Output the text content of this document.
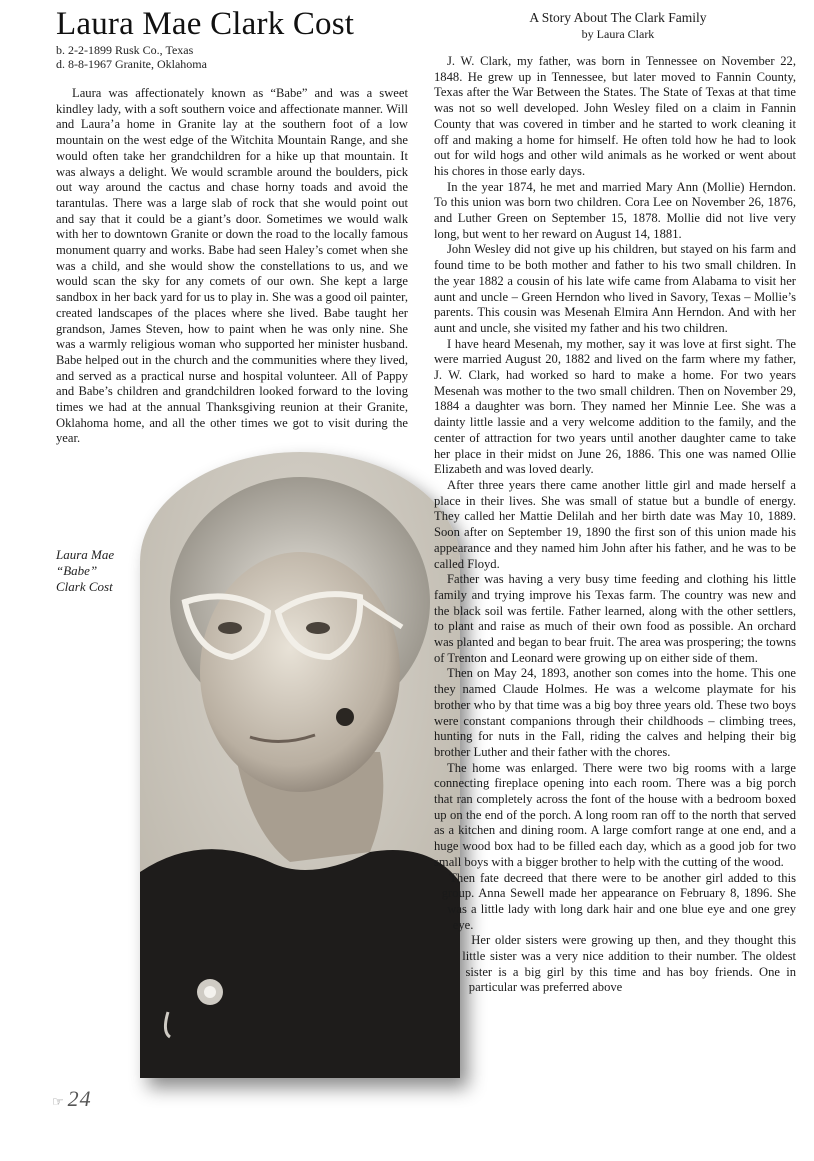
Laura Mae Clark Cost
b. 2-2-1899 Rusk Co., Texas
d. 8-8-1967 Granite, Oklahoma

Laura was affectionately known as “Babe” and was a sweet kindley lady, with a soft southern voice and affectionate manner. Will and Laura’a home in Granite lay at the southern foot of a low mountain on the west edge of the Witchita Mountain Range, and she would often take her grandchildren for a hike up that mountain. It was always a delight. We would scramble around the boulders, pick out way around the cactus and chase horny toads and avoid the tarantulas. There was a large slab of rock that she would point out and say that it could be a giant’s door. Sometimes we would walk with her to downtown Granite or down the road to the locally famous monument quarry and works. Babe had seen Haley’s comet when she was a child, and she would show the constellations to us, and we would scan the sky for any comets of our own. She kept a large sandbox in her back yard for us to play in. She was a good oil painter, created landscapes of the places where she lived. Babe taught her grandson, James Steven, how to paint when he was only nine. She was a warmly religious woman who supported her minister husband. Babe helped out in the church and the communities where they lived, and served as a practical nurse and hospital volunteer. All of Pappy and Babe’s children and grandchildren looked forward to the loving times we had at the annual Thanksgiving reunion at their Granite, Oklahoma home, and all the other times we got to visit during the year.

Laura Mae
“Babe”
Clark Cost
A Story About The Clark Family
by Laura Clark

J. W. Clark, my father, was born in Tennessee on November 22, 1848. He grew up in Tennessee, but later moved to Fannin County, Texas after the War Between the States. The State of Texas at that time was not so well developed. John Wesley filed on a claim in Fannin County that was covered in timber and he started to work cleaning it off and making a home for himself. He often told how he had to look out for wild hogs and other wild animals as he worked or went about his chores in those early days.

In the year 1874, he met and married Mary Ann (Mollie) Herndon. To this union was born two children. Cora Lee on November 26, 1876, and Luther Green on September 15, 1878. Mollie did not live very long, but went to her reward on August 14, 1881.

John Wesley did not give up his children, but stayed on his farm and found time to be both mother and father to his two small children. In the year 1882 a cousin of his late wife came from Alabama to visit her aunt and uncle – Green Herndon who lived in Savory, Texas – Mollie’s parents. This cousin was Mesenah Elmira Ann Herndon. And with her aunt and uncle, she visited my father and his two children.

I have heard Mesenah, my mother, say it was love at first sight. The were married August 20, 1882 and lived on the farm where my father, J. W. Clark, had worked so hard to make a home. For two years Mesenah was mother to the two small children. Then on November 29, 1884 a daughter was born. They named her Minnie Lee. She was a dainty little lassie and a very welcome addition to the family, and the center of attraction for two years until another daughter came to take her place in their midst on June 26, 1886. This one was named Ollie Elizabeth and was loved dearly.

After three years there came another little girl and made herself a place in their lives. She was small of statue but a bundle of energy. They called her Mattie Delilah and her birth date was May 10, 1889. Soon after on September 19, 1890 the first son of this union made his appearance and they named him John after his father, and he was to be called Floyd.

Father was having a very busy time feeding and clothing his little family and trying improve his Texas farm. The country was new and the black soil was fertile. Father learned, along with the other settlers, to plant and raise as much of their own food as possible. An orchard was planted and began to bear fruit. The area was prospering; the towns of Trenton and Leonard were growing up on either side of them.

Then on May 24, 1893, another son comes into the home. This one they named Claude Holmes. He was a welcome playmate for his brother who by that time was a big boy three years old. These two boys were constant companions through their childhoods – climbing trees, hunting for nuts in the Fall, riding the calves and helping their big brother Luther and their father with the chores.

The home was enlarged. There were two big rooms with a large connecting fireplace opening into each room. There was a big porch that ran completely across the font of the house with a bedroom boxed up on the end of the porch. A long room ran off to the north that served as a kitchen and dining room. A large comfort range at one end, and a huge wood box had to be filled each day, which as a good job for two small boys with a bigger brother to help with the cutting of the wood.

Then fate decreed that there were to be another girl added to this group. Anna Sewell made her appearance on February 8, 1896. She was a little lady with long dark hair and one blue eye and one grey eye.

Her older sisters were growing up then, and they thought this little sister was a very nice addition to their number. The oldest sister is a big girl by this time and has boy friends. One in particular was preferred above

☞ 24
